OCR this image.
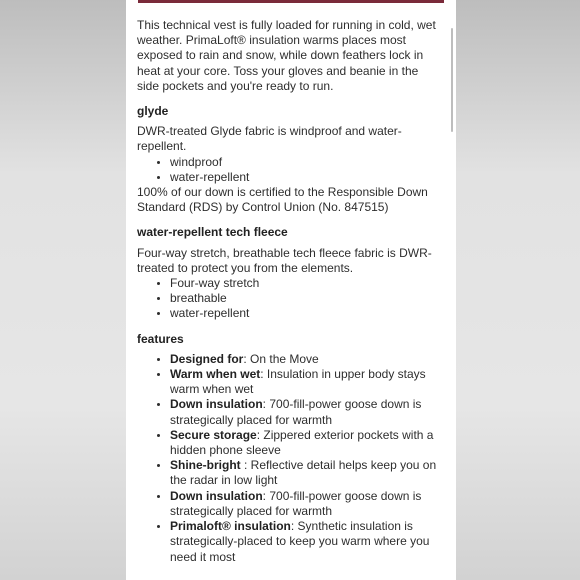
This technical vest is fully loaded for running in cold, wet weather. PrimaLoft® insulation warms places most exposed to rain and snow, while down feathers lock in heat at your core. Toss your gloves and beanie in the side pockets and you're ready to run.

glyde

DWR-treated Glyde fabric is windproof and water-repellent.

• windproof
• water-repellent

100% of our down is certified to the Responsible Down Standard (RDS) by Control Union (No. 847515)

water-repellent tech fleece

Four-way stretch, breathable tech fleece fabric is DWR-treated to protect you from the elements.

• Four-way stretch
• breathable
• water-repellent

features

• Designed for: On the Move
• Warm when wet: Insulation in upper body stays warm when wet
• Down insulation: 700-fill-power goose down is strategically placed for warmth
• Secure storage: Zippered exterior pockets with a hidden phone sleeve
• Shine-bright : Reflective detail helps keep you on the radar in low light
• Down insulation: 700-fill-power goose down is strategically placed for warmth
• Primaloft® insulation: Synthetic insulation is strategically-placed to keep you warm where you need it most
